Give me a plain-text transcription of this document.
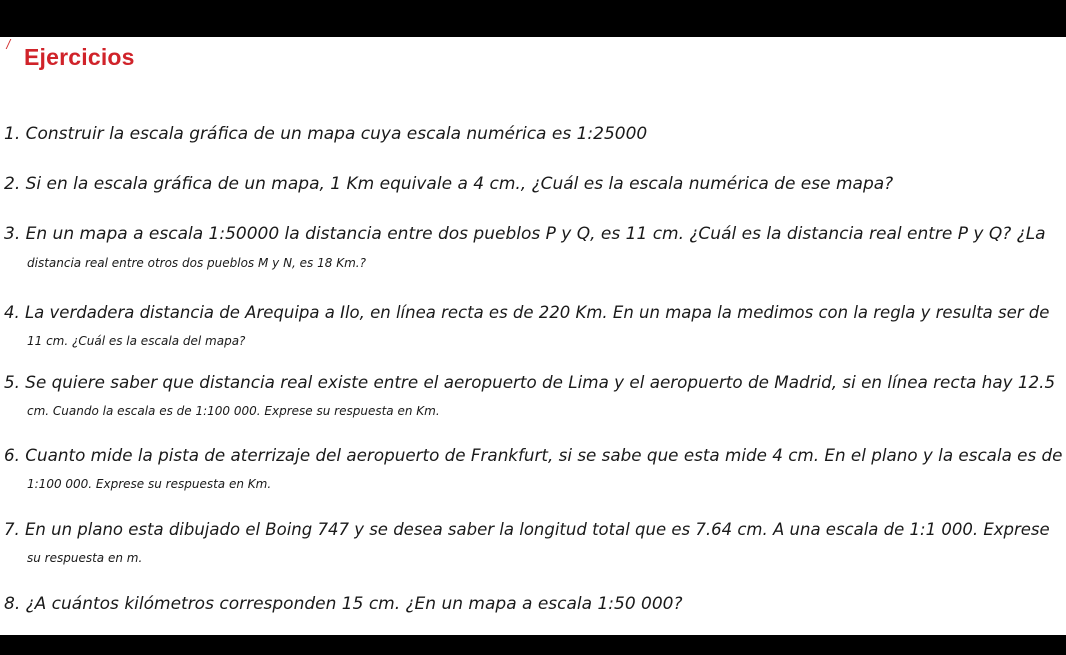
Ejercicios

1. Construir la escala gráfica de un mapa cuya escala numérica es 1:25000

2. Si en la escala gráfica de un mapa, 1 Km equivale a 4 cm., ¿Cuál es la escala numérica de ese mapa?

3. En un mapa a escala 1:50000 la distancia entre dos pueblos P y Q, es 11 cm. ¿Cuál es la distancia real entre P y Q? ¿La
distancia real entre otros dos pueblos M y N, es 18 Km.?

4. La verdadera distancia de Arequipa a Ilo, en línea recta es de 220 Km. En un mapa la medimos con la regla y resulta ser de
11 cm. ¿Cuál es la escala del mapa?

5. Se quiere saber que distancia real existe entre el aeropuerto de Lima y el aeropuerto de Madrid, si en línea recta hay 12.5
cm. Cuando la escala es de 1:100 000. Exprese su respuesta en Km.

6. Cuanto mide la pista de aterrizaje del aeropuerto de Frankfurt, si se sabe que esta mide 4 cm. En el plano y la escala es de
1:100 000. Exprese su respuesta en Km.

7. En un plano esta dibujado el Boing 747 y se desea saber la longitud total que es 7.64 cm. A una escala de 1:1 000. Exprese
su respuesta en m.

8. ¿A cuántos kilómetros corresponden 15 cm. ¿En un mapa a escala 1:50 000?
